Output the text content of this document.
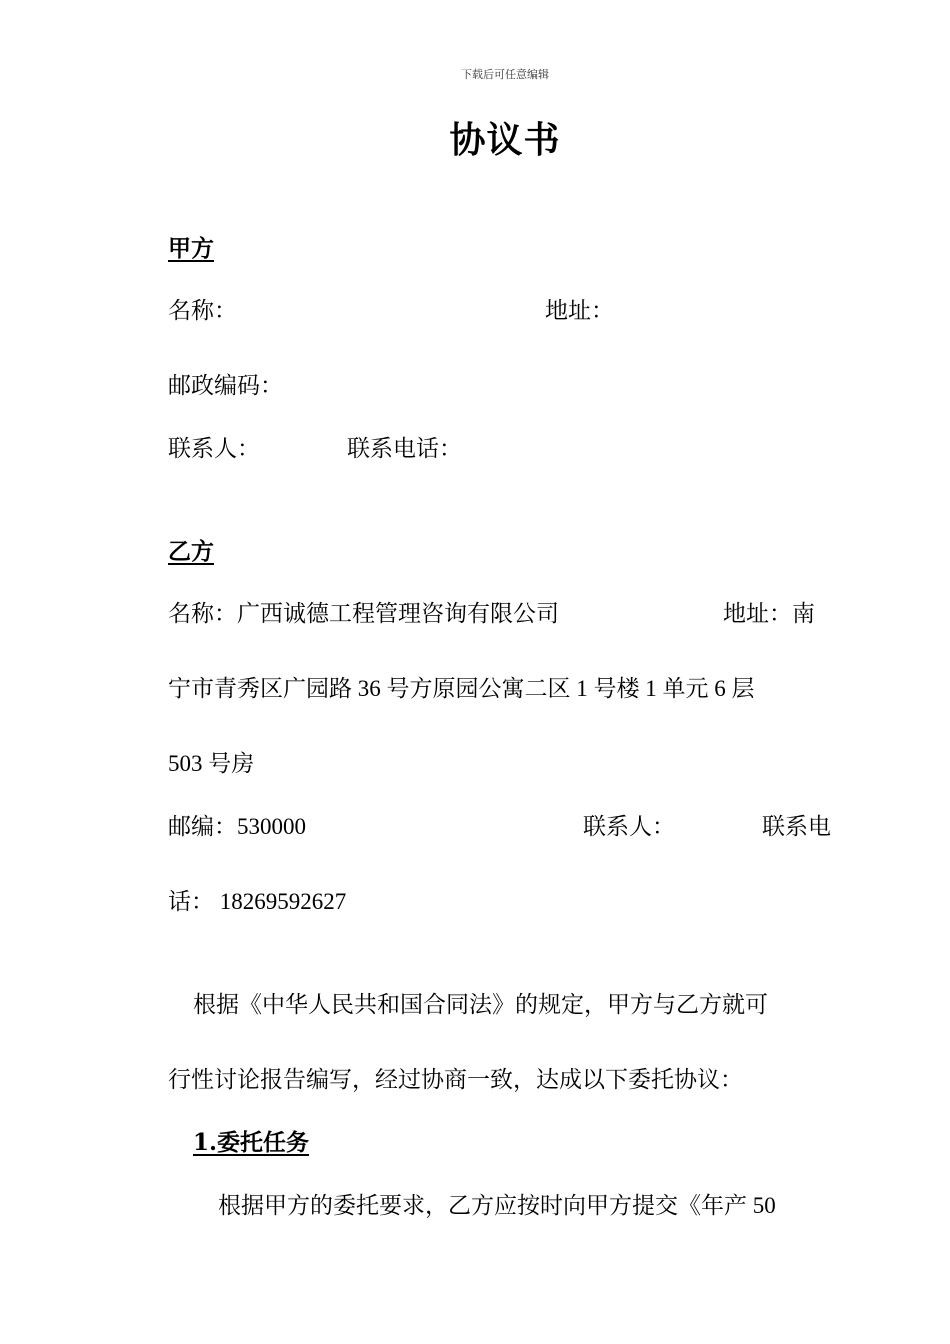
下载后可任意编辑
协议书
甲方
名称：	地址：
邮政编码：
联系人：	联系电话：
乙方
名称：广西诚德工程管理咨询有限公司	地址：南
宁市青秀区广园路 36 号方原园公寓二区 1 号楼 1 单元 6 层
503 号房
邮编：530000	联系人：	联系电
话： 18269592627
根据《中华人民共和国合同法》的规定，甲方与乙方就可
行性讨论报告编写，经过协商一致，达成以下委托协议：
1.委托任务
根据甲方的委托要求，乙方应按时向甲方提交《年产 50
